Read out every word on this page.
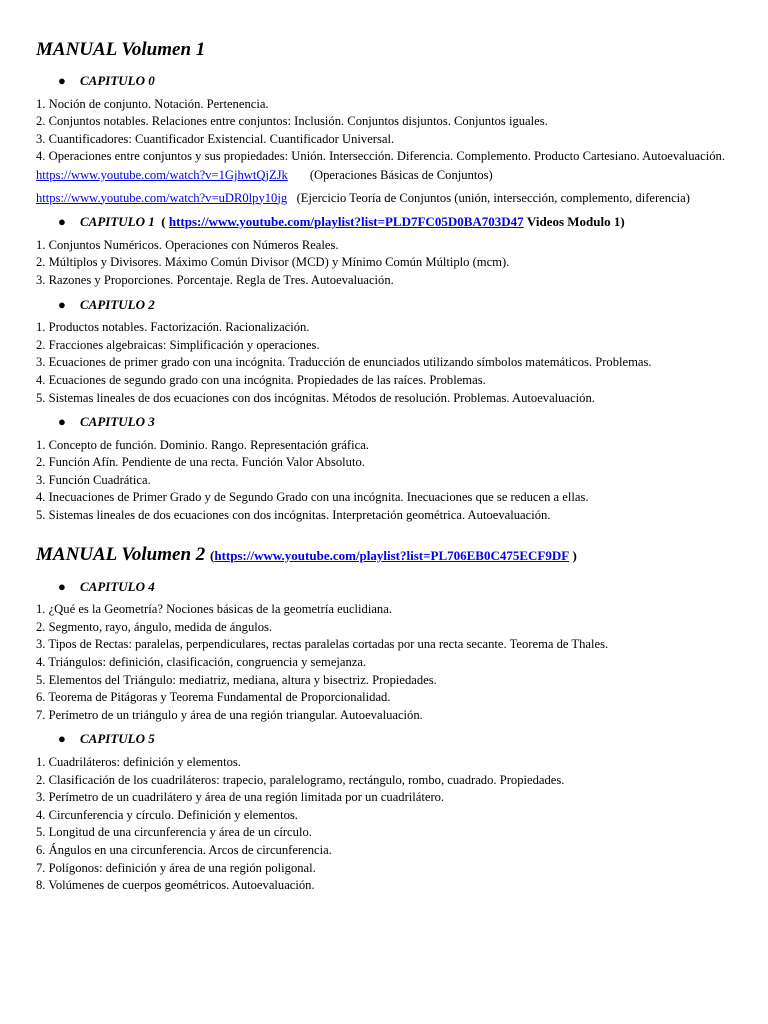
MANUAL Volumen 1
● CAPITULO 0

1. Noción de conjunto. Notación. Pertenencia.

2. Conjuntos notables. Relaciones entre conjuntos: Inclusión. Conjuntos disjuntos. Conjuntos iguales.

3. Cuantificadores: Cuantificador Existencial. Cuantificador Universal.

4. Operaciones entre conjuntos y sus propiedades: Unión. Intersección. Diferencia. Complemento. Producto Cartesiano. Autoevaluación.

https://www.youtube.com/watch?v=1GjhwtQjZJk (Operaciones Básicas de Conjuntos)

https://www.youtube.com/watch?v=uDR0lpy10jg (Ejercicio Teoría de Conjuntos (unión, intersección, complemento, diferencia)

● CAPITULO 1 ( https://www.youtube.com/playlist?list=PLD7FC05D0BA703D47 Videos Modulo 1)

1. Conjuntos Numéricos. Operaciones con Números Reales.

2. Múltiplos y Divisores. Máximo Común Divisor (MCD) y Mínimo Común Múltiplo (mcm).

3. Razones y Proporciones. Porcentaje. Regla de Tres. Autoevaluación.

● CAPITULO 2

1. Productos notables. Factorización. Racionalización.

2. Fracciones algebraicas: Simplificación y operaciones.

3. Ecuaciones de primer grado con una incógnita. Traducción de enunciados utilizando símbolos matemáticos. Problemas.

4. Ecuaciones de segundo grado con una incógnita. Propiedades de las raíces. Problemas.

5. Sistemas lineales de dos ecuaciones con dos incógnitas. Métodos de resolución. Problemas. Autoevaluación.

● CAPITULO 3

1. Concepto de función. Dominio. Rango. Representación gráfica.

2. Función Afín. Pendiente de una recta. Función Valor Absoluto.

3. Función Cuadrática.

4. Inecuaciones de Primer Grado y de Segundo Grado con una incógnita. Inecuaciones que se reducen a ellas.

5. Sistemas lineales de dos ecuaciones con dos incógnitas. Interpretación geométrica. Autoevaluación.

MANUAL Volumen 2 (https://www.youtube.com/playlist?list=PL706EB0C475ECF9DF )
● CAPITULO 4

1. ¿Qué es la Geometría? Nociones básicas de la geometría euclidiana.

2. Segmento, rayo, ángulo, medida de ángulos.

3. Tipos de Rectas: paralelas, perpendiculares, rectas paralelas cortadas por una recta secante. Teorema de Thales.

4. Triángulos: definición, clasificación, congruencia y semejanza.

5. Elementos del Triángulo: mediatriz, mediana, altura y bisectriz. Propiedades.

6. Teorema de Pitágoras y Teorema Fundamental de Proporcionalidad.

7. Perímetro de un triángulo y área de una región triangular. Autoevaluación.

● CAPITULO 5

1. Cuadriláteros: definición y elementos.

2. Clasificación de los cuadriláteros: trapecio, paralelogramo, rectángulo, rombo, cuadrado. Propiedades.

3. Perímetro de un cuadrilátero y área de una región limitada por un cuadrilátero.

4. Circunferencia y círculo. Definición y elementos.

5. Longitud de una circunferencia y área de un círculo.

6. Ángulos en una circunferencia. Arcos de circunferencia.

7. Polígonos: definición y área de una región poligonal.

8. Volúmenes de cuerpos geométricos. Autoevaluación.
